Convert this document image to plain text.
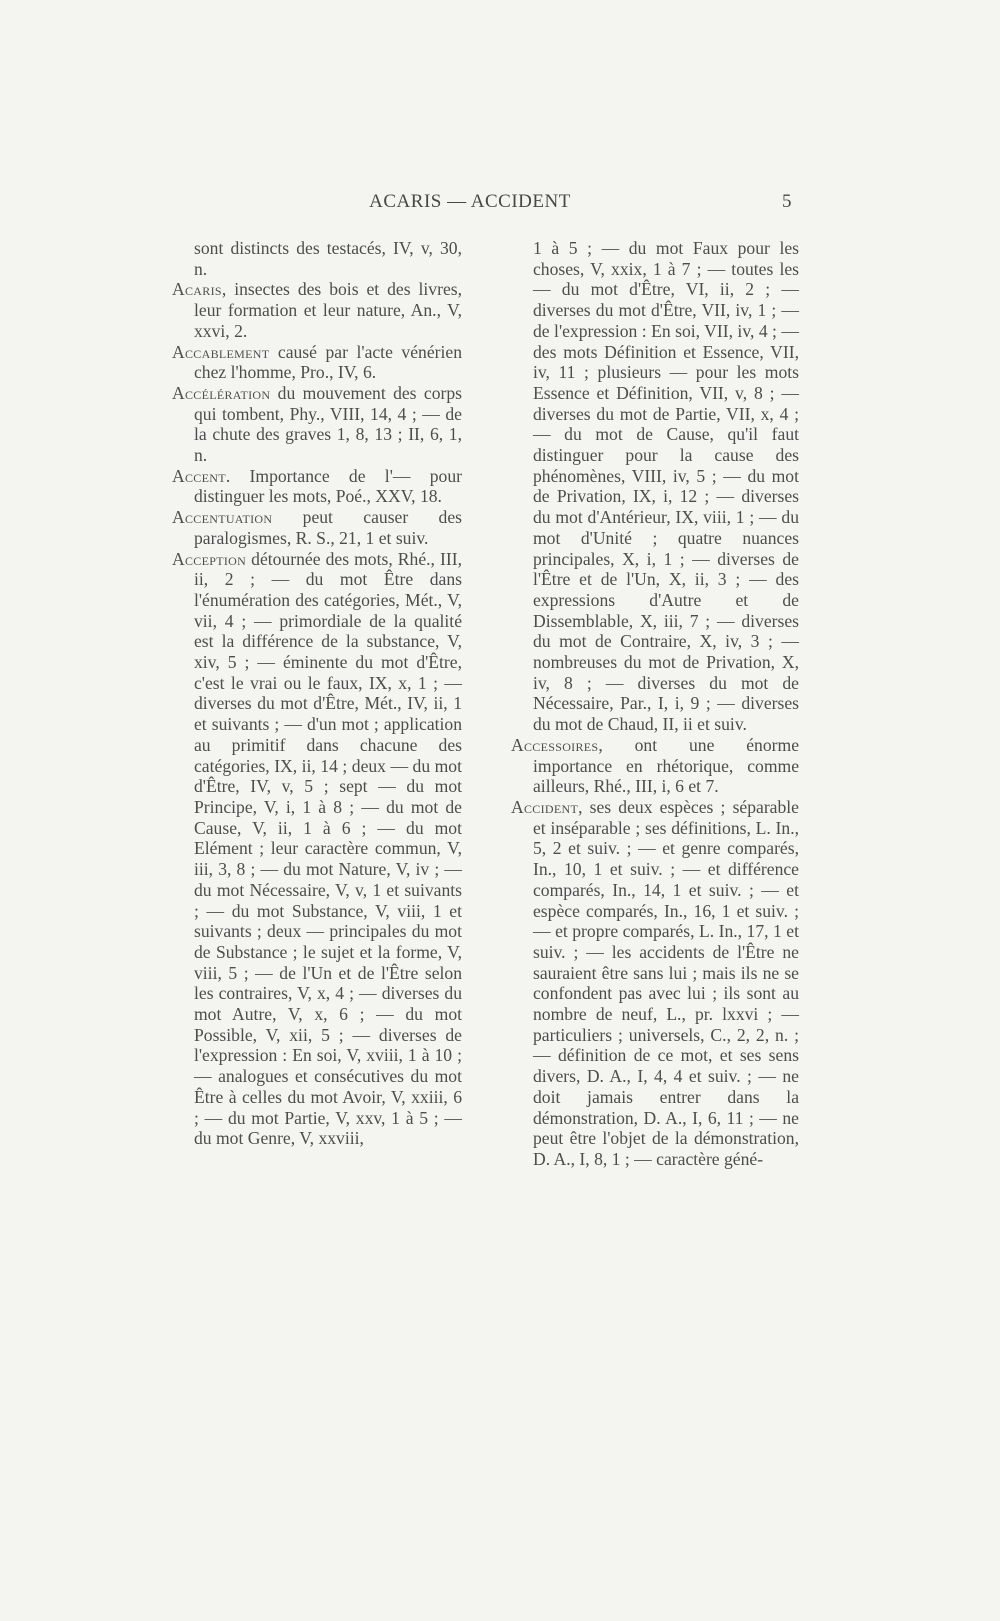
ACARIS — ACCIDENT	5

sont distincts des testacés, IV, v, 30, n.

Acaris, insectes des bois et des livres, leur formation et leur nature, An., V, xxvi, 2.

Accablement causé par l'acte vénérien chez l'homme, Pro., IV, 6.

Accélération du mouvement des corps qui tombent, Phy., VIII, 14, 4 ; — de la chute des graves 1, 8, 13 ; II, 6, 1, n.

Accent. Importance de l'— pour distinguer les mots, Poé., XXV, 18.

Accentuation peut causer des paralogismes, R. S., 21, 1 et suiv.

Acception détournée des mots, Rhé., III, ii, 2 ; — du mot Être dans l'énumération des catégories, Mét., V, vii, 4 ; — primordiale de la qualité est la différence de la substance, V, xiv, 5 ; — éminente du mot d'Être, c'est le vrai ou le faux, IX, x, 1 ; — diverses du mot d'Être, Mét., IV, ii, 1 et suivants ; — d'un mot ; application au primitif dans chacune des catégories, IX, ii, 14 ; deux — du mot d'Être, IV, v, 5 ; sept — du mot Principe, V, i, 1 à 8 ; — du mot de Cause, V, ii, 1 à 6 ; — du mot Elément ; leur caractère commun, V, iii, 3, 8 ; — du mot Nature, V, iv ; — du mot Nécessaire, V, v, 1 et suivants ; — du mot Substance, V, viii, 1 et suivants ; deux — principales du mot de Substance ; le sujet et la forme, V, viii, 5 ; — de l'Un et de l'Être selon les contraires, V, x, 4 ; — diverses du mot Autre, V, x, 6 ; — du mot Possible, V, xii, 5 ; — diverses de l'expression : En soi, V, xviii, 1 à 10 ; — analogues et consécutives du mot Être à celles du mot Avoir, V, xxiii, 6 ; — du mot Partie, V, xxv, 1 à 5 ; — du mot Genre, V, xxviii,

1 à 5 ; — du mot Faux pour les choses, V, xxix, 1 à 7 ; — toutes les — du mot d'Être, VI, ii, 2 ; — diverses du mot d'Être, VII, iv, 1 ; — de l'expression : En soi, VII, iv, 4 ; — des mots Définition et Essence, VII, iv, 11 ; plusieurs — pour les mots Essence et Définition, VII, v, 8 ; — diverses du mot de Partie, VII, x, 4 ; — du mot de Cause, qu'il faut distinguer pour la cause des phénomènes, VIII, iv, 5 ; — du mot de Privation, IX, i, 12 ; — diverses du mot d'Antérieur, IX, viii, 1 ; — du mot d'Unité ; quatre nuances principales, X, i, 1 ; — diverses de l'Être et de l'Un, X, ii, 3 ; — des expressions d'Autre et de Dissemblable, X, iii, 7 ; — diverses du mot de Contraire, X, iv, 3 ; — nombreuses du mot de Privation, X, iv, 8 ; — diverses du mot de Nécessaire, Par., I, i, 9 ; — diverses du mot de Chaud, II, ii et suiv.

Accessoires, ont une énorme importance en rhétorique, comme ailleurs, Rhé., III, i, 6 et 7.

Accident, ses deux espèces ; séparable et inséparable ; ses définitions, L. In., 5, 2 et suiv. ; — et genre comparés, In., 10, 1 et suiv. ; — et différence comparés, In., 14, 1 et suiv. ; — et espèce comparés, In., 16, 1 et suiv. ; — et propre comparés, L. In., 17, 1 et suiv. ; — les accidents de l'Être ne sauraient être sans lui ; mais ils ne se confondent pas avec lui ; ils sont au nombre de neuf, L., pr. lxxvi ; — particuliers ; universels, C., 2, 2, n. ; — définition de ce mot, et ses sens divers, D. A., I, 4, 4 et suiv. ; — ne doit jamais entrer dans la démonstration, D. A., I, 6, 11 ; — ne peut être l'objet de la démonstration, D. A., I, 8, 1 ; — caractère géné-
